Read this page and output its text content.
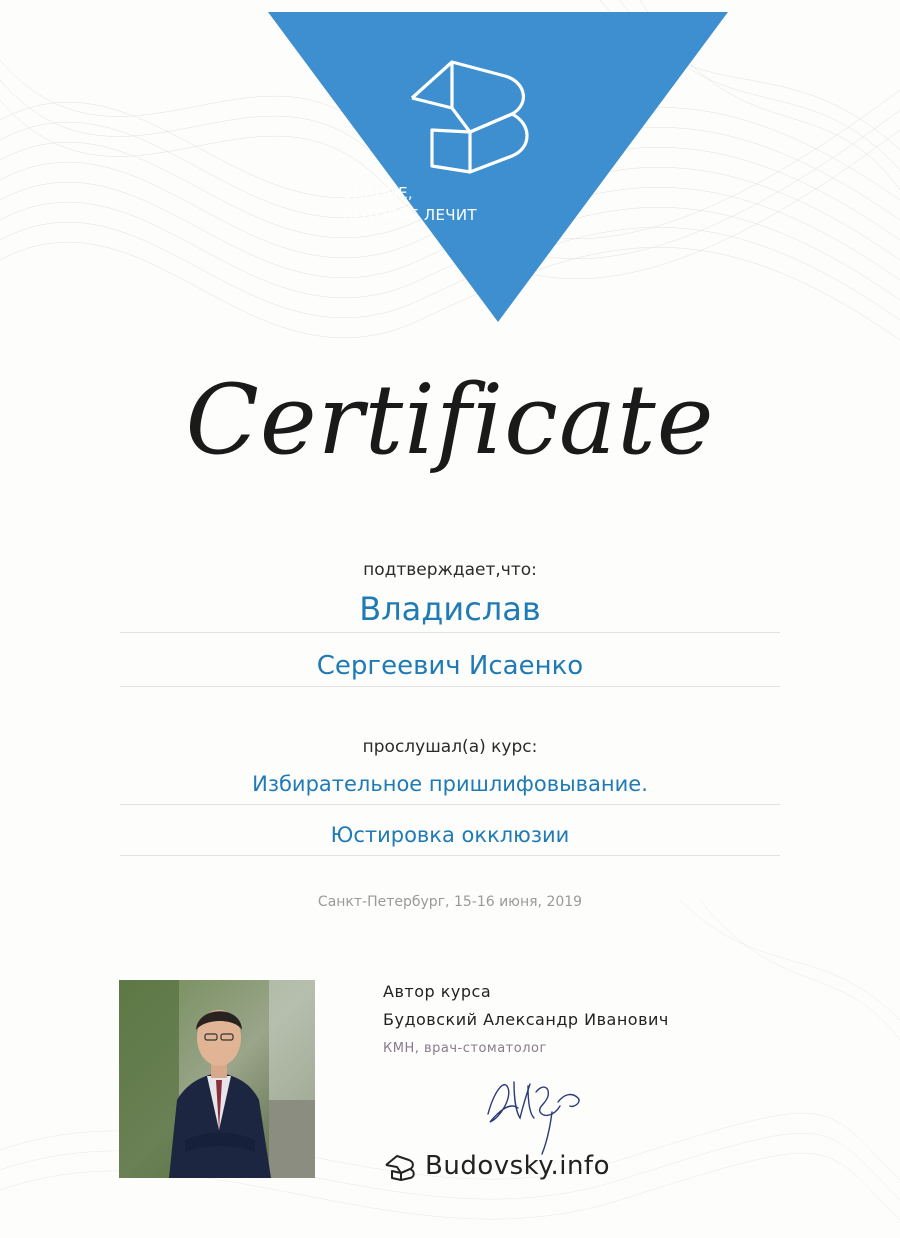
ЗНАНИЕ,
КОТОРОЕ ЛЕЧИТ
Certificate
подтверждает,что:
Владислав
Сергеевич Исаенко
прослушал(а) курс:
Избирательное пришлифовывание.
Юстировка окклюзии
Санкт-Петербург, 15-16 июня, 2019
Автор курса
Будовский Александр Иванович
КМН, врач-стоматолог
Budovsky.info
